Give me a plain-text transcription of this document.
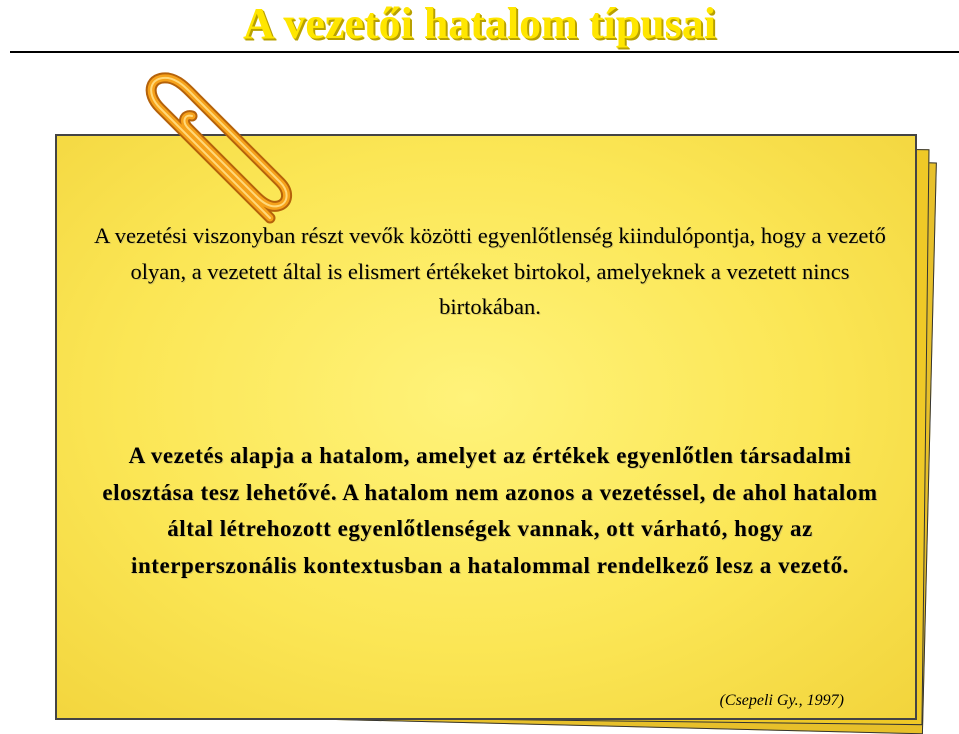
A vezetői hatalom típusai

A vezetési viszonyban részt vevők közötti egyenlőtlenség kiindulópontja, hogy a vezető olyan, a vezetett által is elismert értékeket birtokol, amelyeknek a vezetett nincs birtokában.

A vezetés alapja a hatalom, amelyet az értékek egyenlőtlen társadalmi elosztása tesz lehetővé. A hatalom nem azonos a vezetéssel, de ahol hatalom által létrehozott egyenlőtlenségek vannak, ott várható, hogy az interperszonális kontextusban a hatalommal rendelkező lesz a vezető.

(Csepeli Gy., 1997)
